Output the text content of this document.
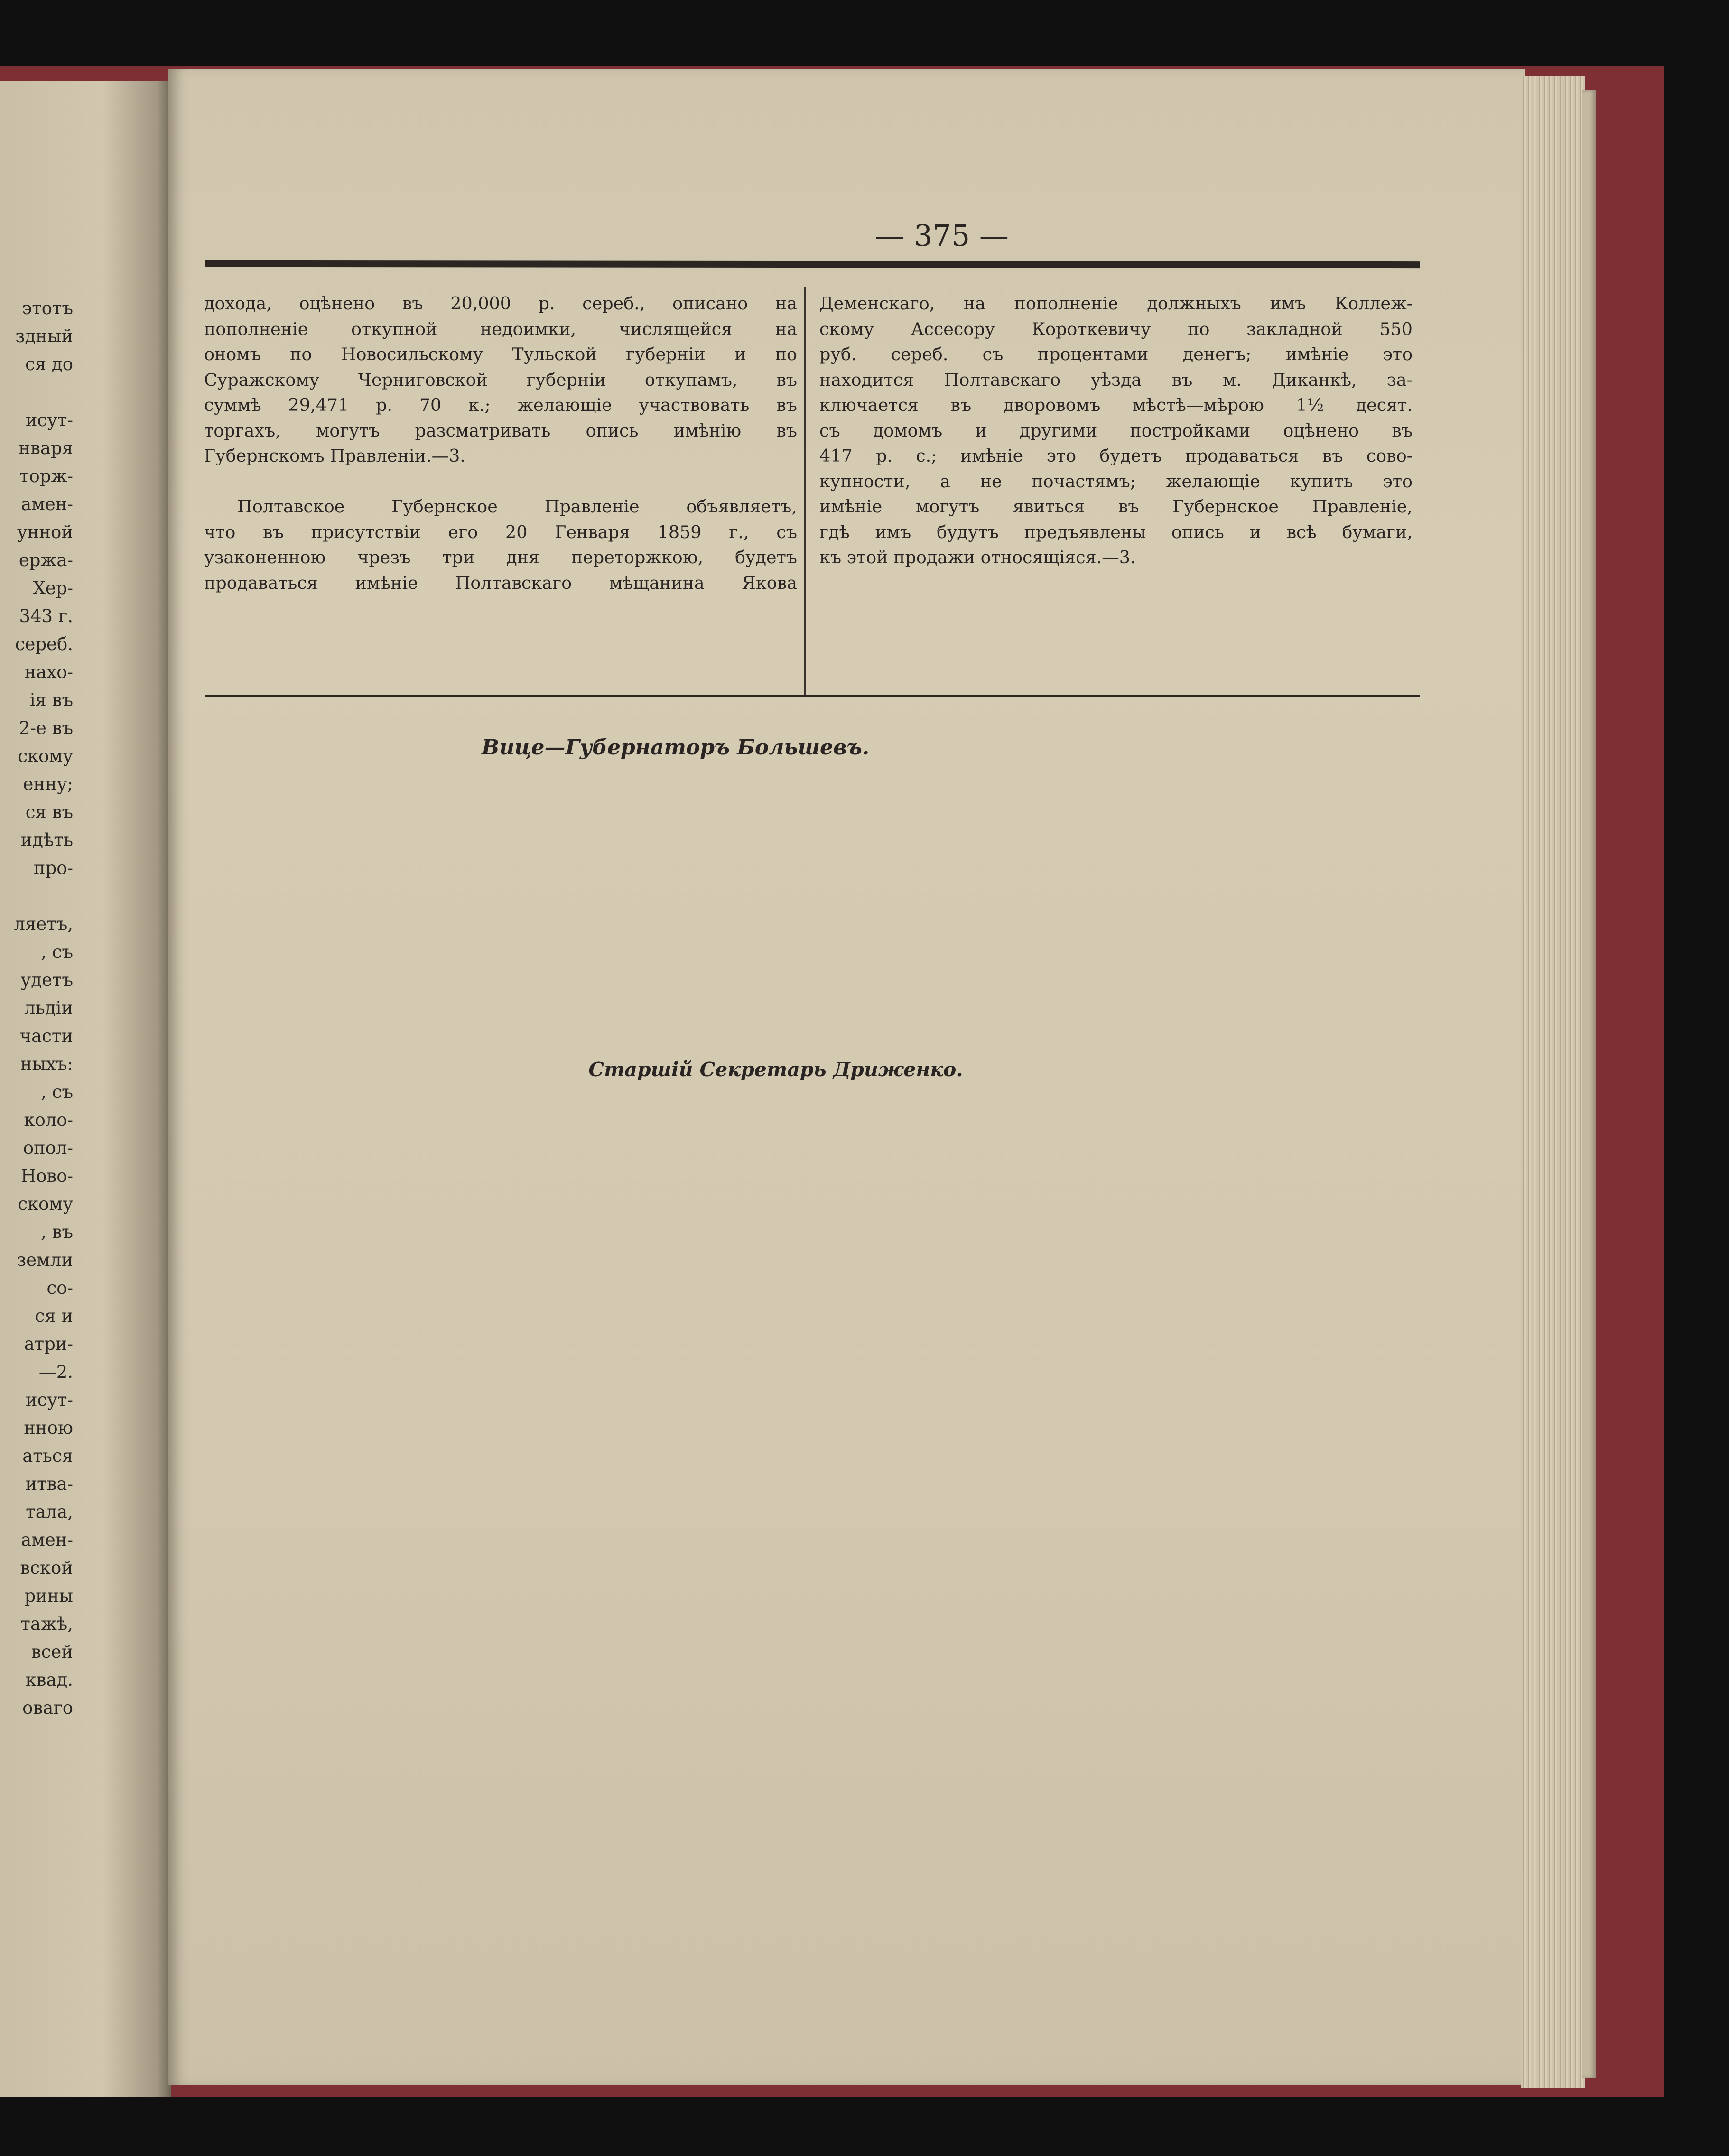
этотъ
здный
ся до

исут-
нваря
торж-
амен-
унной
ержа-
Хер-
343 г.
сереб.
нахо-
ія въ
2-е въ
скому
енну;
ся въ
идѣть
про-

ляетъ,
, съ
удетъ
льдіи
части
ныхъ:
, съ
коло-
опол-
Ново-
скому
, въ
земли
со-
ся и
атри-
—2.
исут-
нною
аться
итва-
тала,
амен-
вской
рины
тажѣ,
всей
квад.
оваго
— 375 —
дохода, оцѣнено въ 20,000 р. сереб., описано на
пополненіе откупной недоимки, числящейся на
ономъ по Новосильскому Тульской губерніи и по
Суражскому Черниговской губерніи откупамъ, въ
суммѣ 29,471 р. 70 к.; желающіе участвовать въ
торгахъ, могутъ разсматривать опись имѣнію въ
Губернскомъ Правленіи.—3.

Полтавское Губернское Правленіе объявляетъ,
что въ присутствіи его 20 Генваря 1859 г., съ
узаконенною чрезъ три дня переторжкою, будетъ
продаваться имѣніе Полтавскаго мѣщанина Якова
Деменскаго, на пополненіе должныхъ имъ Коллеж-
скому Ассесору Короткевичу по закладной 550
руб. сереб. съ процентами денегъ; имѣніе это
находится Полтавскаго уѣзда въ м. Диканкѣ, за-
ключается въ дворовомъ мѣстѣ—мѣрою 1½ десят.
съ домомъ и другими постройками оцѣнено въ
417 р. с.; имѣніе это будетъ продаваться въ сово-
купности, а не почастямъ; желающіе купить это
имѣніе могутъ явиться въ Губернское Правленіе,
гдѣ имъ будутъ предъявлены опись и всѣ бумаги,
къ этой продажи относящіяся.—3.
Вице—Губернаторъ Большевъ.
Старшій Секретарь Дриженко.
